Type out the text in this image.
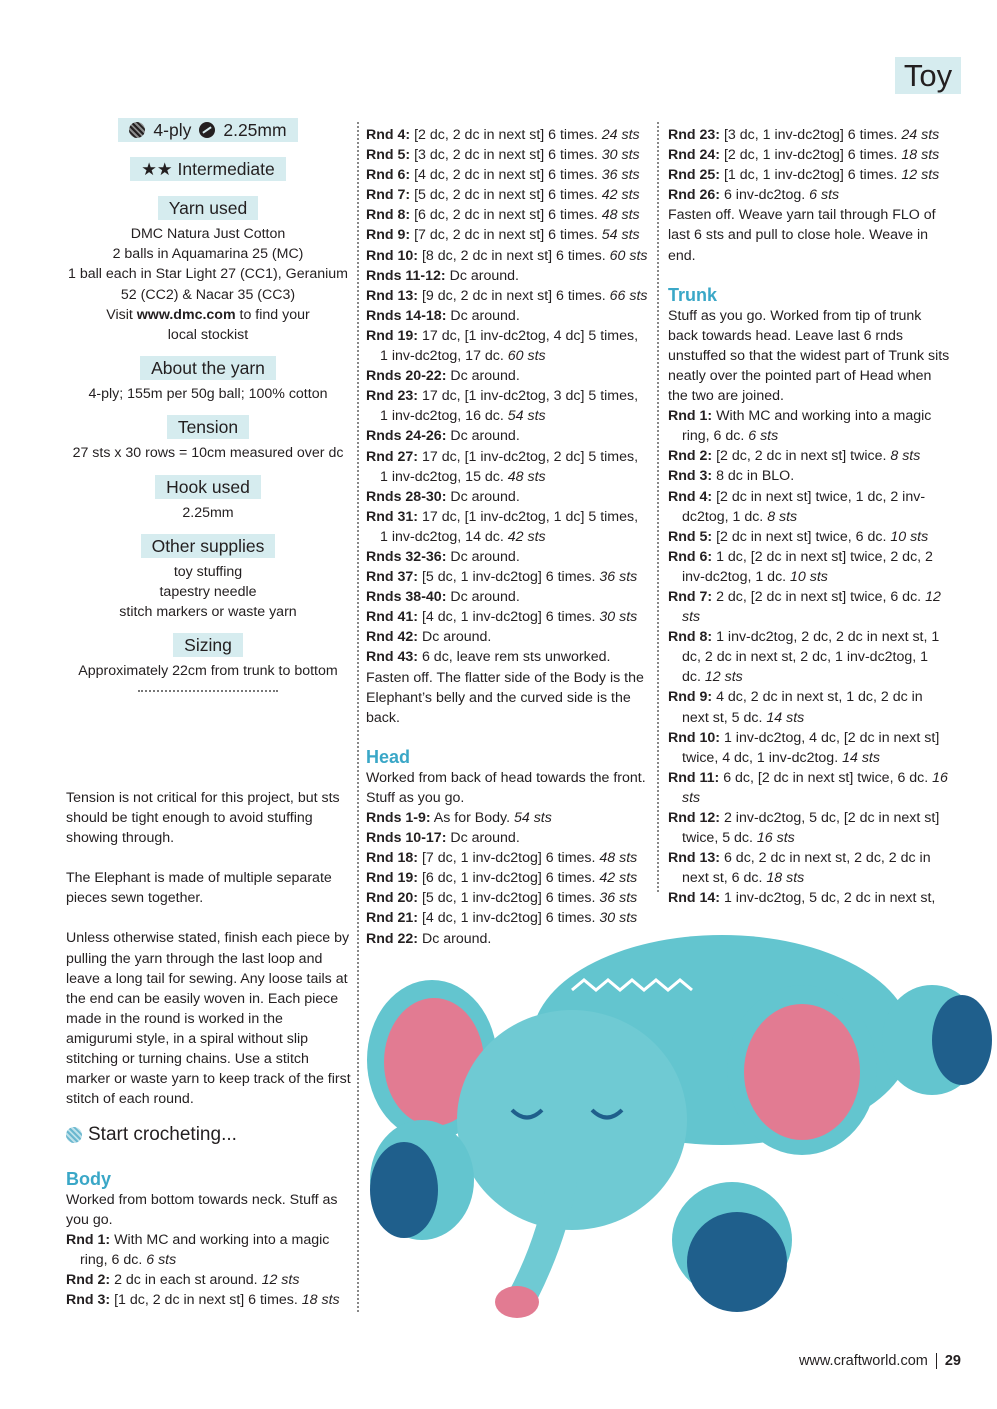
Toy
4-ply 2.25mm
★★ Intermediate
Yarn used
DMC Natura Just Cotton
2 balls in Aquamarina 25 (MC)
1 ball each in Star Light 27 (CC1), Geranium
52 (CC2) & Nacar 35 (CC3)
Visit www.dmc.com to find your
local stockist
About the yarn
4-ply; 155m per 50g ball; 100% cotton
Tension
27 sts x 30 rows = 10cm measured over dc
Hook used
2.25mm
Other supplies
toy stuffing
tapestry needle
stitch markers or waste yarn
Sizing
Approximately 22cm from trunk to bottom

Tension is not critical for this project, but sts should be tight enough to avoid stuffing showing through.

The Elephant is made of multiple separate pieces sewn together.

Unless otherwise stated, finish each piece by pulling the yarn through the last loop and leave a long tail for sewing. Any loose tails at the end can be easily woven in. Each piece made in the round is worked in the amigurumi style, in a spiral without slip stitching or turning chains. Use a stitch marker or waste yarn to keep track of the first stitch of each round.

Start crocheting...

Body

Worked from bottom towards neck. Stuff as you go.

Rnd 1: With MC and working into a magic ring, 6 dc. 6 sts

Rnd 2: 2 dc in each st around. 12 sts

Rnd 3: [1 dc, 2 dc in next st] 6 times. 18 sts

Rnd 4: [2 dc, 2 dc in next st] 6 times. 24 sts

Rnd 5: [3 dc, 2 dc in next st] 6 times. 30 sts

Rnd 6: [4 dc, 2 dc in next st] 6 times. 36 sts

Rnd 7: [5 dc, 2 dc in next st] 6 times. 42 sts

Rnd 8: [6 dc, 2 dc in next st] 6 times. 48 sts

Rnd 9: [7 dc, 2 dc in next st] 6 times. 54 sts

Rnd 10: [8 dc, 2 dc in next st] 6 times. 60 sts

Rnds 11-12: Dc around.

Rnd 13: [9 dc, 2 dc in next st] 6 times. 66 sts

Rnds 14-18: Dc around.

Rnd 19: 17 dc, [1 inv-dc2tog, 4 dc] 5 times, 1 inv-dc2tog, 17 dc. 60 sts

Rnds 20-22: Dc around.

Rnd 23: 17 dc, [1 inv-dc2tog, 3 dc] 5 times, 1 inv-dc2tog, 16 dc. 54 sts

Rnds 24-26: Dc around.

Rnd 27: 17 dc, [1 inv-dc2tog, 2 dc] 5 times, 1 inv-dc2tog, 15 dc. 48 sts

Rnds 28-30: Dc around.

Rnd 31: 17 dc, [1 inv-dc2tog, 1 dc] 5 times, 1 inv-dc2tog, 14 dc. 42 sts

Rnds 32-36: Dc around.

Rnd 37: [5 dc, 1 inv-dc2tog] 6 times. 36 sts

Rnds 38-40: Dc around.

Rnd 41: [4 dc, 1 inv-dc2tog] 6 times. 30 sts

Rnd 42: Dc around.

Rnd 43: 6 dc, leave rem sts unworked.

Fasten off. The flatter side of the Body is the Elephant’s belly and the curved side is the back.

Head

Worked from back of head towards the front. Stuff as you go.

Rnds 1-9: As for Body. 54 sts

Rnds 10-17: Dc around.

Rnd 18: [7 dc, 1 inv-dc2tog] 6 times. 48 sts

Rnd 19: [6 dc, 1 inv-dc2tog] 6 times. 42 sts

Rnd 20: [5 dc, 1 inv-dc2tog] 6 times. 36 sts

Rnd 21: [4 dc, 1 inv-dc2tog] 6 times. 30 sts

Rnd 22: Dc around.

Rnd 23: [3 dc, 1 inv-dc2tog] 6 times. 24 sts

Rnd 24: [2 dc, 1 inv-dc2tog] 6 times. 18 sts

Rnd 25: [1 dc, 1 inv-dc2tog] 6 times. 12 sts

Rnd 26: 6 inv-dc2tog. 6 sts

Fasten off. Weave yarn tail through FLO of last 6 sts and pull to close hole. Weave in end.

Trunk

Stuff as you go. Worked from tip of trunk back towards head. Leave last 6 rnds unstuffed so that the widest part of Trunk sits neatly over the pointed part of Head when the two are joined.

Rnd 1: With MC and working into a magic ring, 6 dc. 6 sts

Rnd 2: [2 dc, 2 dc in next st] twice. 8 sts

Rnd 3: 8 dc in BLO.

Rnd 4: [2 dc in next st] twice, 1 dc, 2 inv-dc2tog, 1 dc. 8 sts

Rnd 5: [2 dc in next st] twice, 6 dc. 10 sts

Rnd 6: 1 dc, [2 dc in next st] twice, 2 dc, 2 inv-dc2tog, 1 dc. 10 sts

Rnd 7: 2 dc, [2 dc in next st] twice, 6 dc. 12 sts

Rnd 8: 1 inv-dc2tog, 2 dc, 2 dc in next st, 1 dc, 2 dc in next st, 2 dc, 1 inv-dc2tog, 1 dc. 12 sts

Rnd 9: 4 dc, 2 dc in next st, 1 dc, 2 dc in next st, 5 dc. 14 sts

Rnd 10: 1 inv-dc2tog, 4 dc, [2 dc in next st] twice, 4 dc, 1 inv-dc2tog. 14 sts

Rnd 11: 6 dc, [2 dc in next st] twice, 6 dc. 16 sts

Rnd 12: 2 inv-dc2tog, 5 dc, [2 dc in next st] twice, 5 dc. 16 sts

Rnd 13: 6 dc, 2 dc in next st, 2 dc, 2 dc in next st, 6 dc. 18 sts

Rnd 14: 1 inv-dc2tog, 5 dc, 2 dc in next st,

www.craftworld.com 29
